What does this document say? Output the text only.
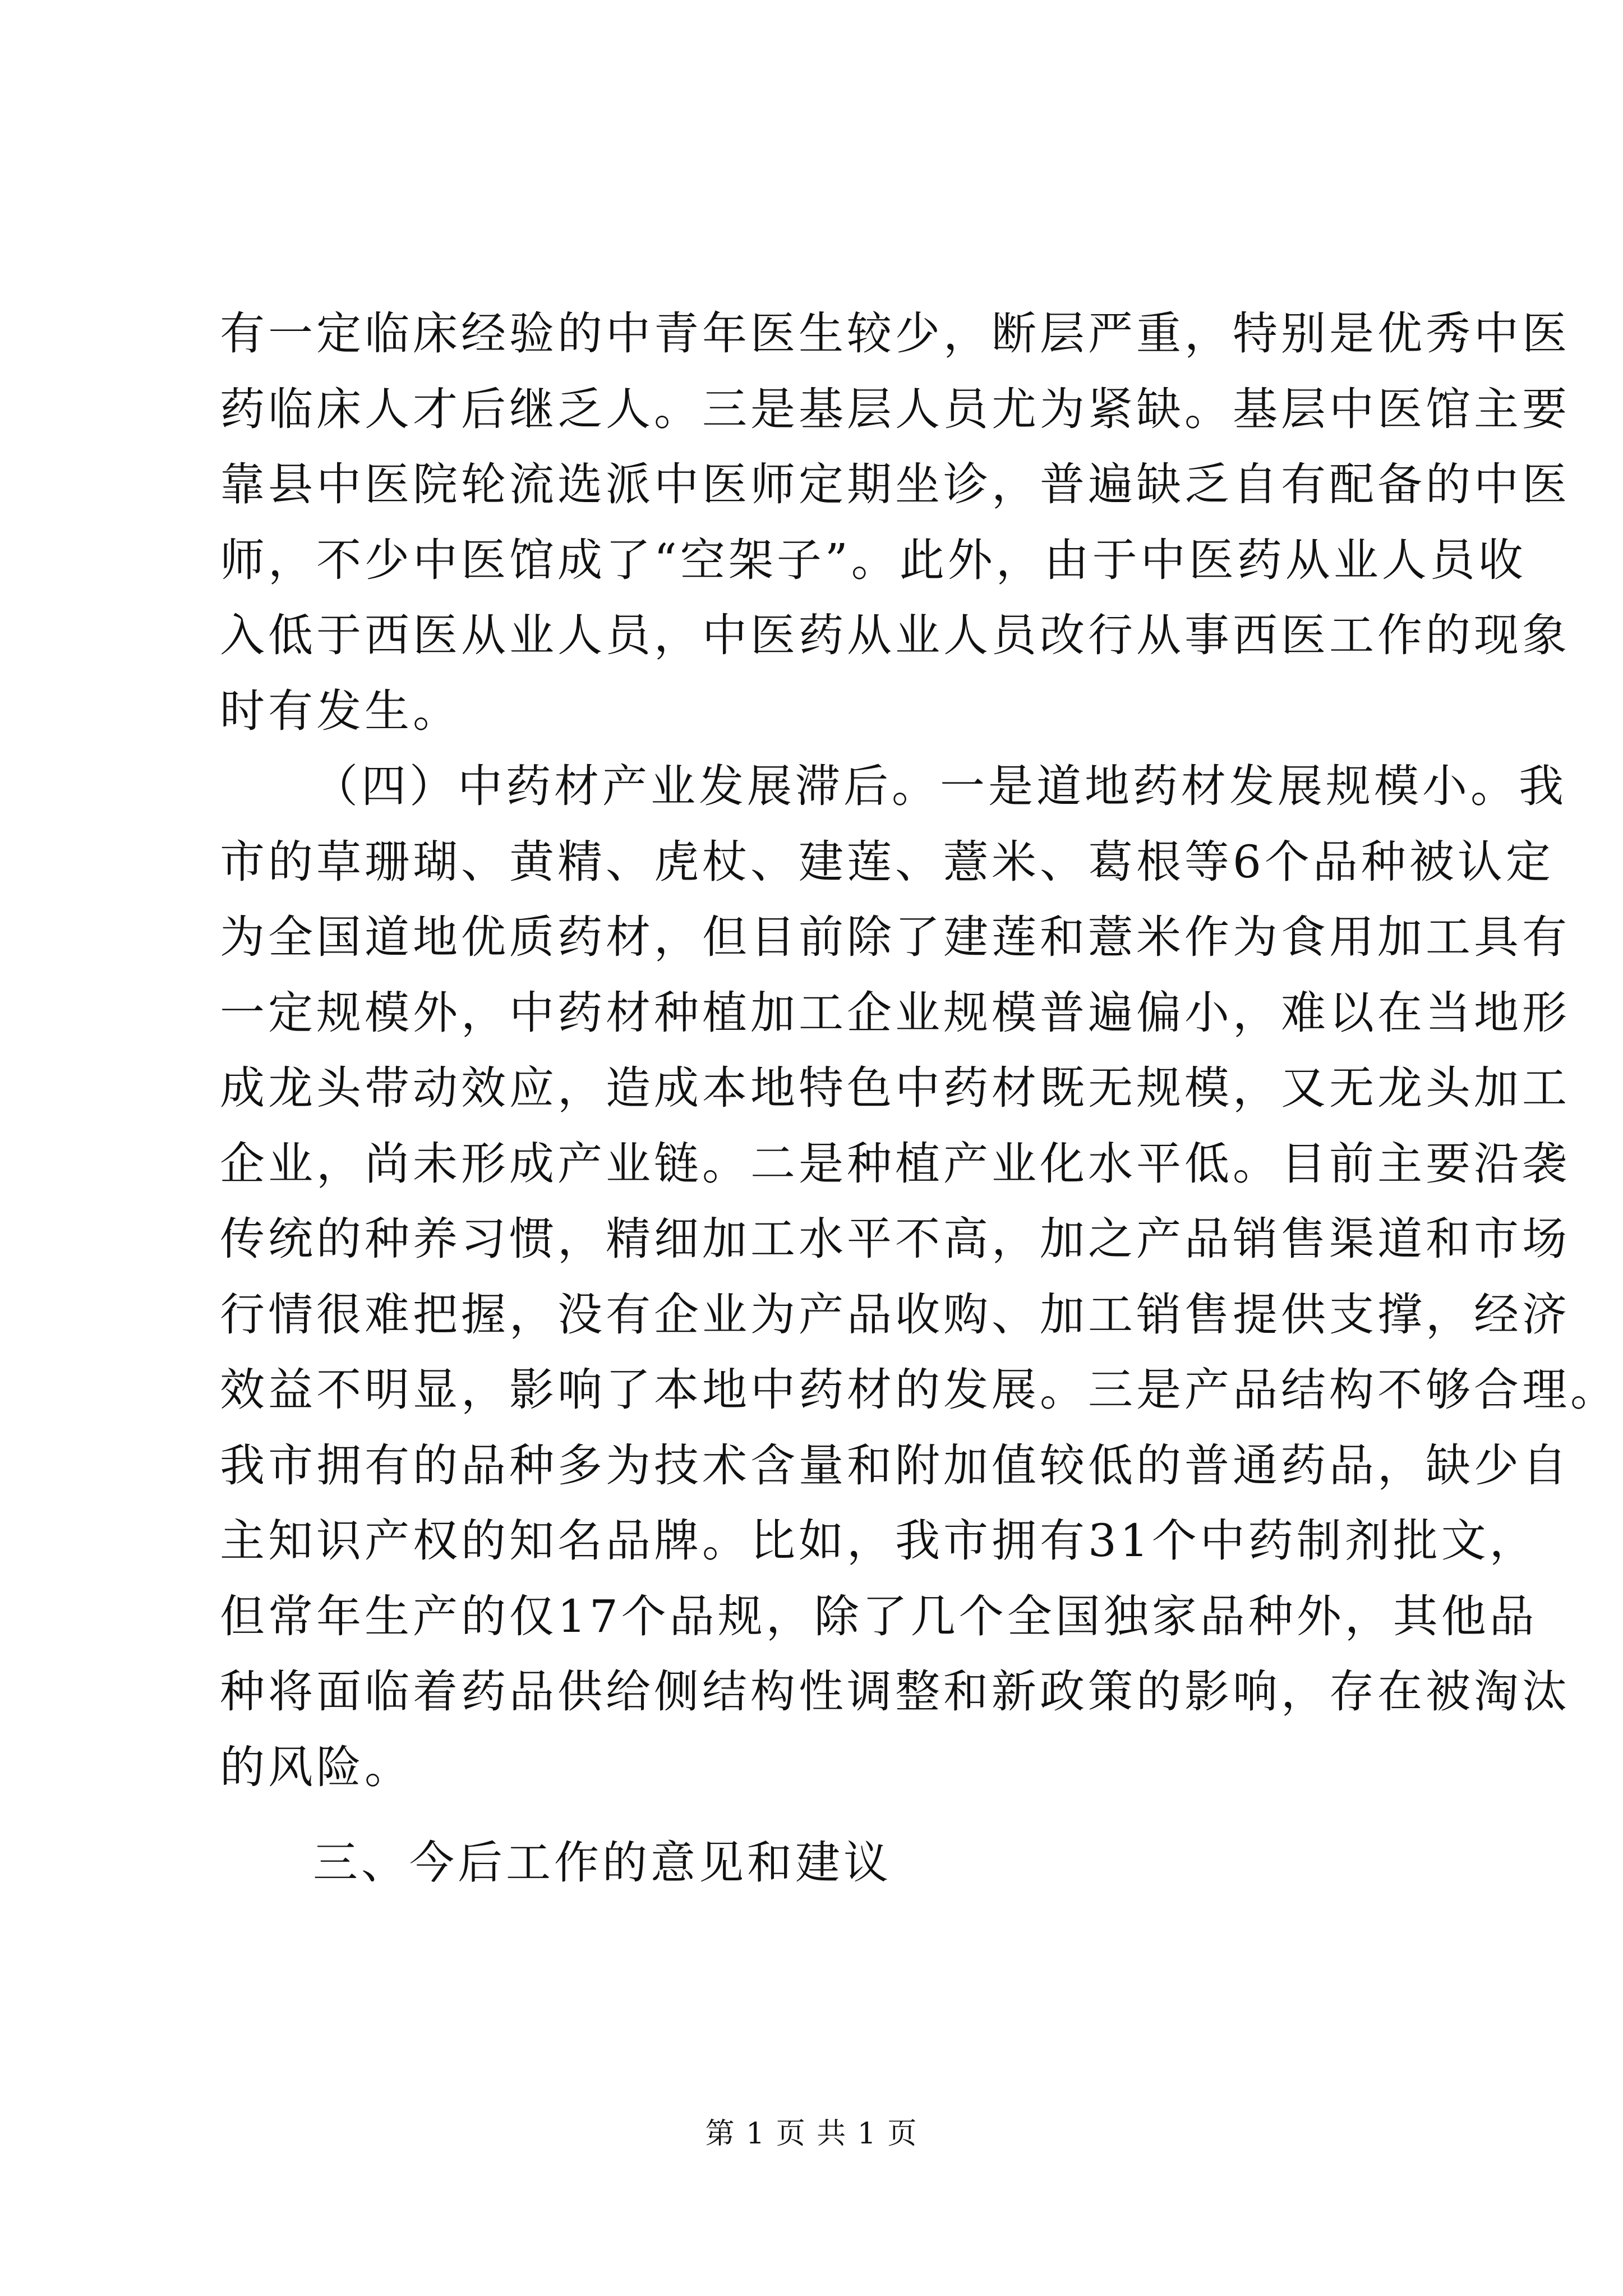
有一定临床经验的中青年医生较少，断层严重，特别是优秀中医
药临床人才后继乏人。三是基层人员尤为紧缺。基层中医馆主要
靠县中医院轮流选派中医师定期坐诊，普遍缺乏自有配备的中医
师，不少中医馆成了“空架子”。此外，由于中医药从业人员收
入低于西医从业人员，中医药从业人员改行从事西医工作的现象
时有发生。
（四）中药材产业发展滞后。一是道地药材发展规模小。我
市的草珊瑚、黄精、虎杖、建莲、薏米、葛根等6个品种被认定
为全国道地优质药材，但目前除了建莲和薏米作为食用加工具有
一定规模外，中药材种植加工企业规模普遍偏小，难以在当地形
成龙头带动效应，造成本地特色中药材既无规模，又无龙头加工
企业，尚未形成产业链。二是种植产业化水平低。目前主要沿袭
传统的种养习惯，精细加工水平不高，加之产品销售渠道和市场
行情很难把握，没有企业为产品收购、加工销售提供支撑，经济
效益不明显，影响了本地中药材的发展。三是产品结构不够合理。
我市拥有的品种多为技术含量和附加值较低的普通药品，缺少自
主知识产权的知名品牌。比如，我市拥有31个中药制剂批文，
但常年生产的仅17个品规，除了几个全国独家品种外，其他品
种将面临着药品供给侧结构性调整和新政策的影响，存在被淘汰
的风险。
三、今后工作的意见和建议
第 1 页 共 1 页
